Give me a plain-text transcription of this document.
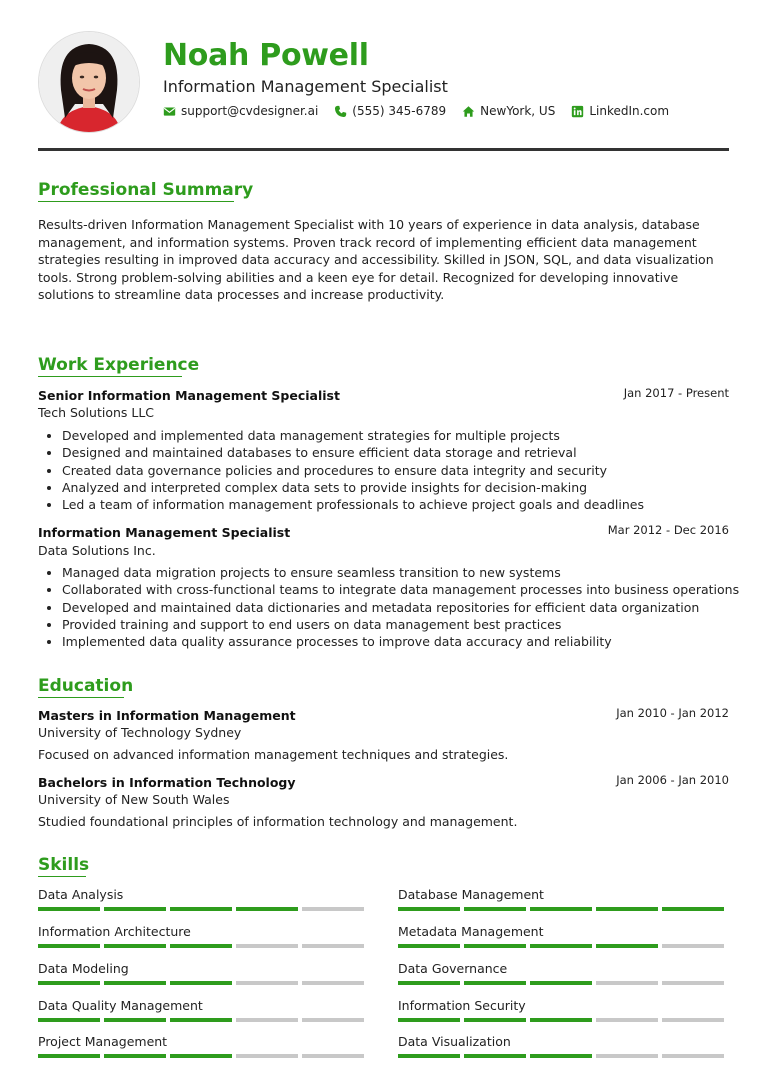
Noah Powell
Information Management Specialist
support@cvdesigner.ai	(555) 345-6789	NewYork, US	LinkedIn.com
Professional Summary
Results-driven Information Management Specialist with 10 years of experience in data analysis, database management, and information systems. Proven track record of implementing efficient data management strategies resulting in improved data accuracy and accessibility. Skilled in JSON, SQL, and data visualization tools. Strong problem-solving abilities and a keen eye for detail. Recognized for developing innovative solutions to streamline data processes and increase productivity.
Work Experience
Senior Information Management Specialist	Jan 2017 - Present
Tech Solutions LLC
• Developed and implemented data management strategies for multiple projects
• Designed and maintained databases to ensure efficient data storage and retrieval
• Created data governance policies and procedures to ensure data integrity and security
• Analyzed and interpreted complex data sets to provide insights for decision-making
• Led a team of information management professionals to achieve project goals and deadlines
Information Management Specialist	Mar 2012 - Dec 2016
Data Solutions Inc.
• Managed data migration projects to ensure seamless transition to new systems
• Collaborated with cross-functional teams to integrate data management processes into business operations
• Developed and maintained data dictionaries and metadata repositories for efficient data organization
• Provided training and support to end users on data management best practices
• Implemented data quality assurance processes to improve data accuracy and reliability
Education
Masters in Information Management	Jan 2010 - Jan 2012
University of Technology Sydney
Focused on advanced information management techniques and strategies.
Bachelors in Information Technology	Jan 2006 - Jan 2010
University of New South Wales
Studied foundational principles of information technology and management.
Skills
Data Analysis	Database Management
Information Architecture	Metadata Management
Data Modeling	Data Governance
Data Quality Management	Information Security
Project Management	Data Visualization
